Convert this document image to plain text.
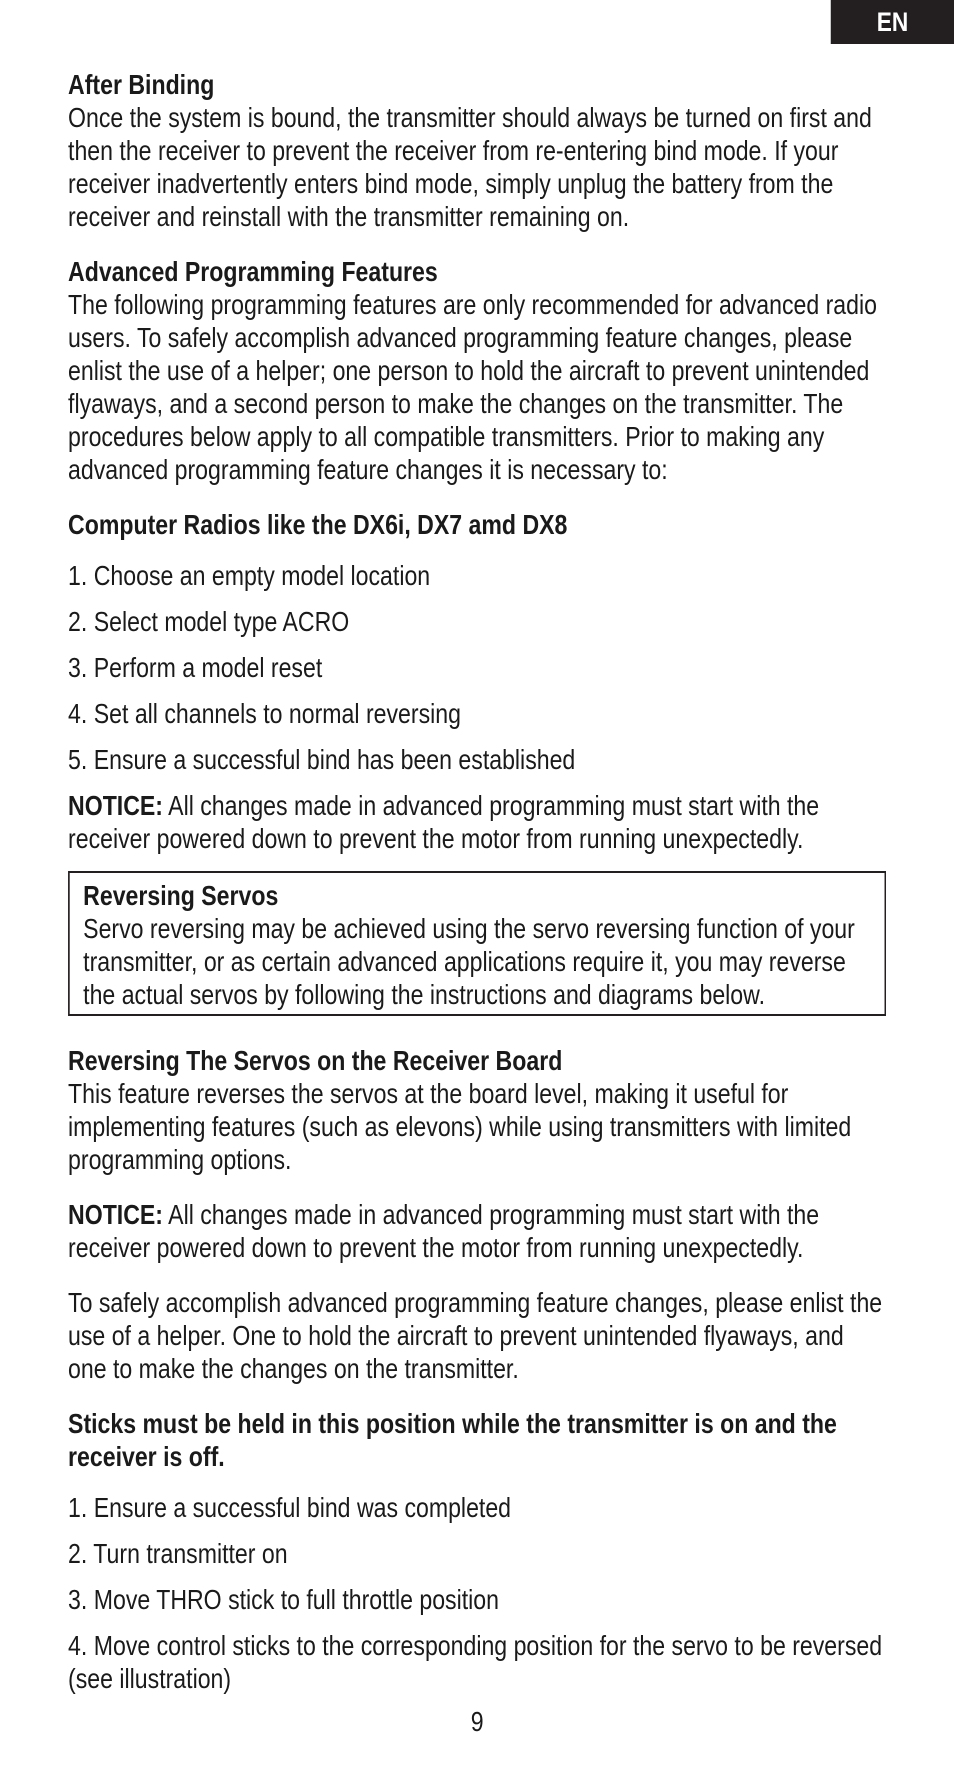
EN
After Binding

Once the system is bound, the transmitter should always be turned on first and then the receiver to prevent the receiver from re-entering bind mode. If your receiver inadvertently enters bind mode, simply unplug the battery from the receiver and reinstall with the transmitter remaining on.

Advanced Programming Features

The following programming features are only recommended for advanced radio users. To safely accomplish advanced programming feature changes, please enlist the use of a helper; one person to hold the aircraft to prevent unintended flyaways, and a second person to make the changes on the transmitter. The procedures below apply to all compatible transmitters. Prior to making any advanced programming feature changes it is necessary to:

Computer Radios like the DX6i, DX7 amd DX8

1. Choose an empty model location

2. Select model type ACRO

3. Perform a model reset

4. Set all channels to normal reversing

5. Ensure a successful bind has been established

NOTICE: All changes made in advanced programming must start with the receiver powered down to prevent the motor from running unexpectedly.

Reversing Servos

Servo reversing may be achieved using the servo reversing function of your transmitter, or as certain advanced applications require it, you may reverse the actual servos by following the instructions and diagrams below.

Reversing The Servos on the Receiver Board

This feature reverses the servos at the board level, making it useful for implementing features (such as elevons) while using transmitters with limited programming options.

NOTICE: All changes made in advanced programming must start with the receiver powered down to prevent the motor from running unexpectedly.

To safely accomplish advanced programming feature changes, please enlist the use of a helper. One to hold the aircraft to prevent unintended flyaways, and one to make the changes on the transmitter.

Sticks must be held in this position while the transmitter is on and the receiver is off.

1. Ensure a successful bind was completed

2. Turn transmitter on

3. Move THRO stick to full throttle position

4. Move control sticks to the corresponding position for the servo to be reversed (see illustration)

9
